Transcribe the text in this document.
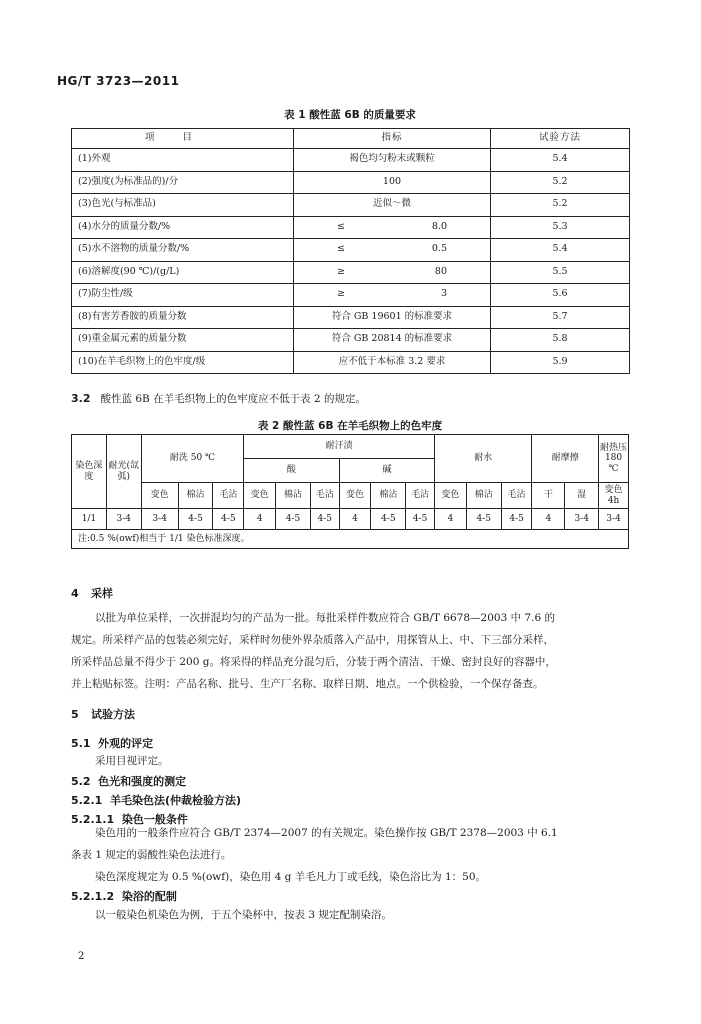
HG/T 3723—2011
表 1 酸性蓝 6B 的质量要求
项目	指标	试验方法
(1)外观	褐色均匀粉末或颗粒	5.4
(2)强度(为标准品的)/分	100	5.2
(3)色光(与标准品)	近似～微	5.2
(4)水分的质量分数/%	≤ 8.0	5.3
(5)水不溶物的质量分数/%	≤ 0.5	5.4
(6)溶解度(90 ℃)/(g/L)	≥ 80	5.5
(7)防尘性/级	≥ 3	5.6
(8)有害芳香胺的质量分数	符合 GB 19601 的标准要求	5.7
(9)重金属元素的质量分数	符合 GB 20814 的标准要求	5.8
(10)在羊毛织物上的色牢度/级	应不低于本标准 3.2 要求	5.9
3.2 酸性蓝 6B 在羊毛织物上的色牢度应不低于表 2 的规定。
表 2 酸性蓝 6B 在羊毛织物上的色牢度
染色深度	耐光(氙弧)	耐洗 50 ℃			耐汗渍						耐水			耐摩擦		耐热压 180 ℃
					酸			碱								
		变色	棉沾	毛沾	变色	棉沾	毛沾	变色	棉沾	毛沾	变色	棉沾	毛沾	干	湿	变色 4h
1/1	3-4	3-4	4-5	4-5	4	4-5	4-5	4	4-5	4-5	4	4-5	4-5	4	3-4	3-4
注:0.5 %(owf)相当于 1/1 染色标准深度。																
4 采样
以批为单位采样，一次拼混均匀的产品为一批。每批采样件数应符合 GB/T 6678—2003 中 7.6 的
规定。所采样产品的包装必须完好，采样时勿使外界杂质落入产品中，用探管从上、中、下三部分采样，
所采样品总量不得少于 200 g。将采得的样品充分混匀后，分装于两个清洁、干燥、密封良好的容器中，
并上粘贴标签。注明：产品名称、批号、生产厂名称、取样日期、地点。一个供检验，一个保存备查。
5 试验方法
5.1 外观的评定
采用目视评定。
5.2 色光和强度的测定
5.2.1 羊毛染色法(仲裁检验方法)
5.2.1.1 染色一般条件
染色用的一般条件应符合 GB/T 2374—2007 的有关规定。染色操作按 GB/T 2378—2003 中 6.1
条表 1 规定的弱酸性染色法进行。
染色深度规定为 0.5 %(owf)，染色用 4 g 羊毛凡力丁或毛线，染色浴比为 1：50。
5.2.1.2 染浴的配制
以一般染色机染色为例，于五个染杯中，按表 3 规定配制染浴。
2
